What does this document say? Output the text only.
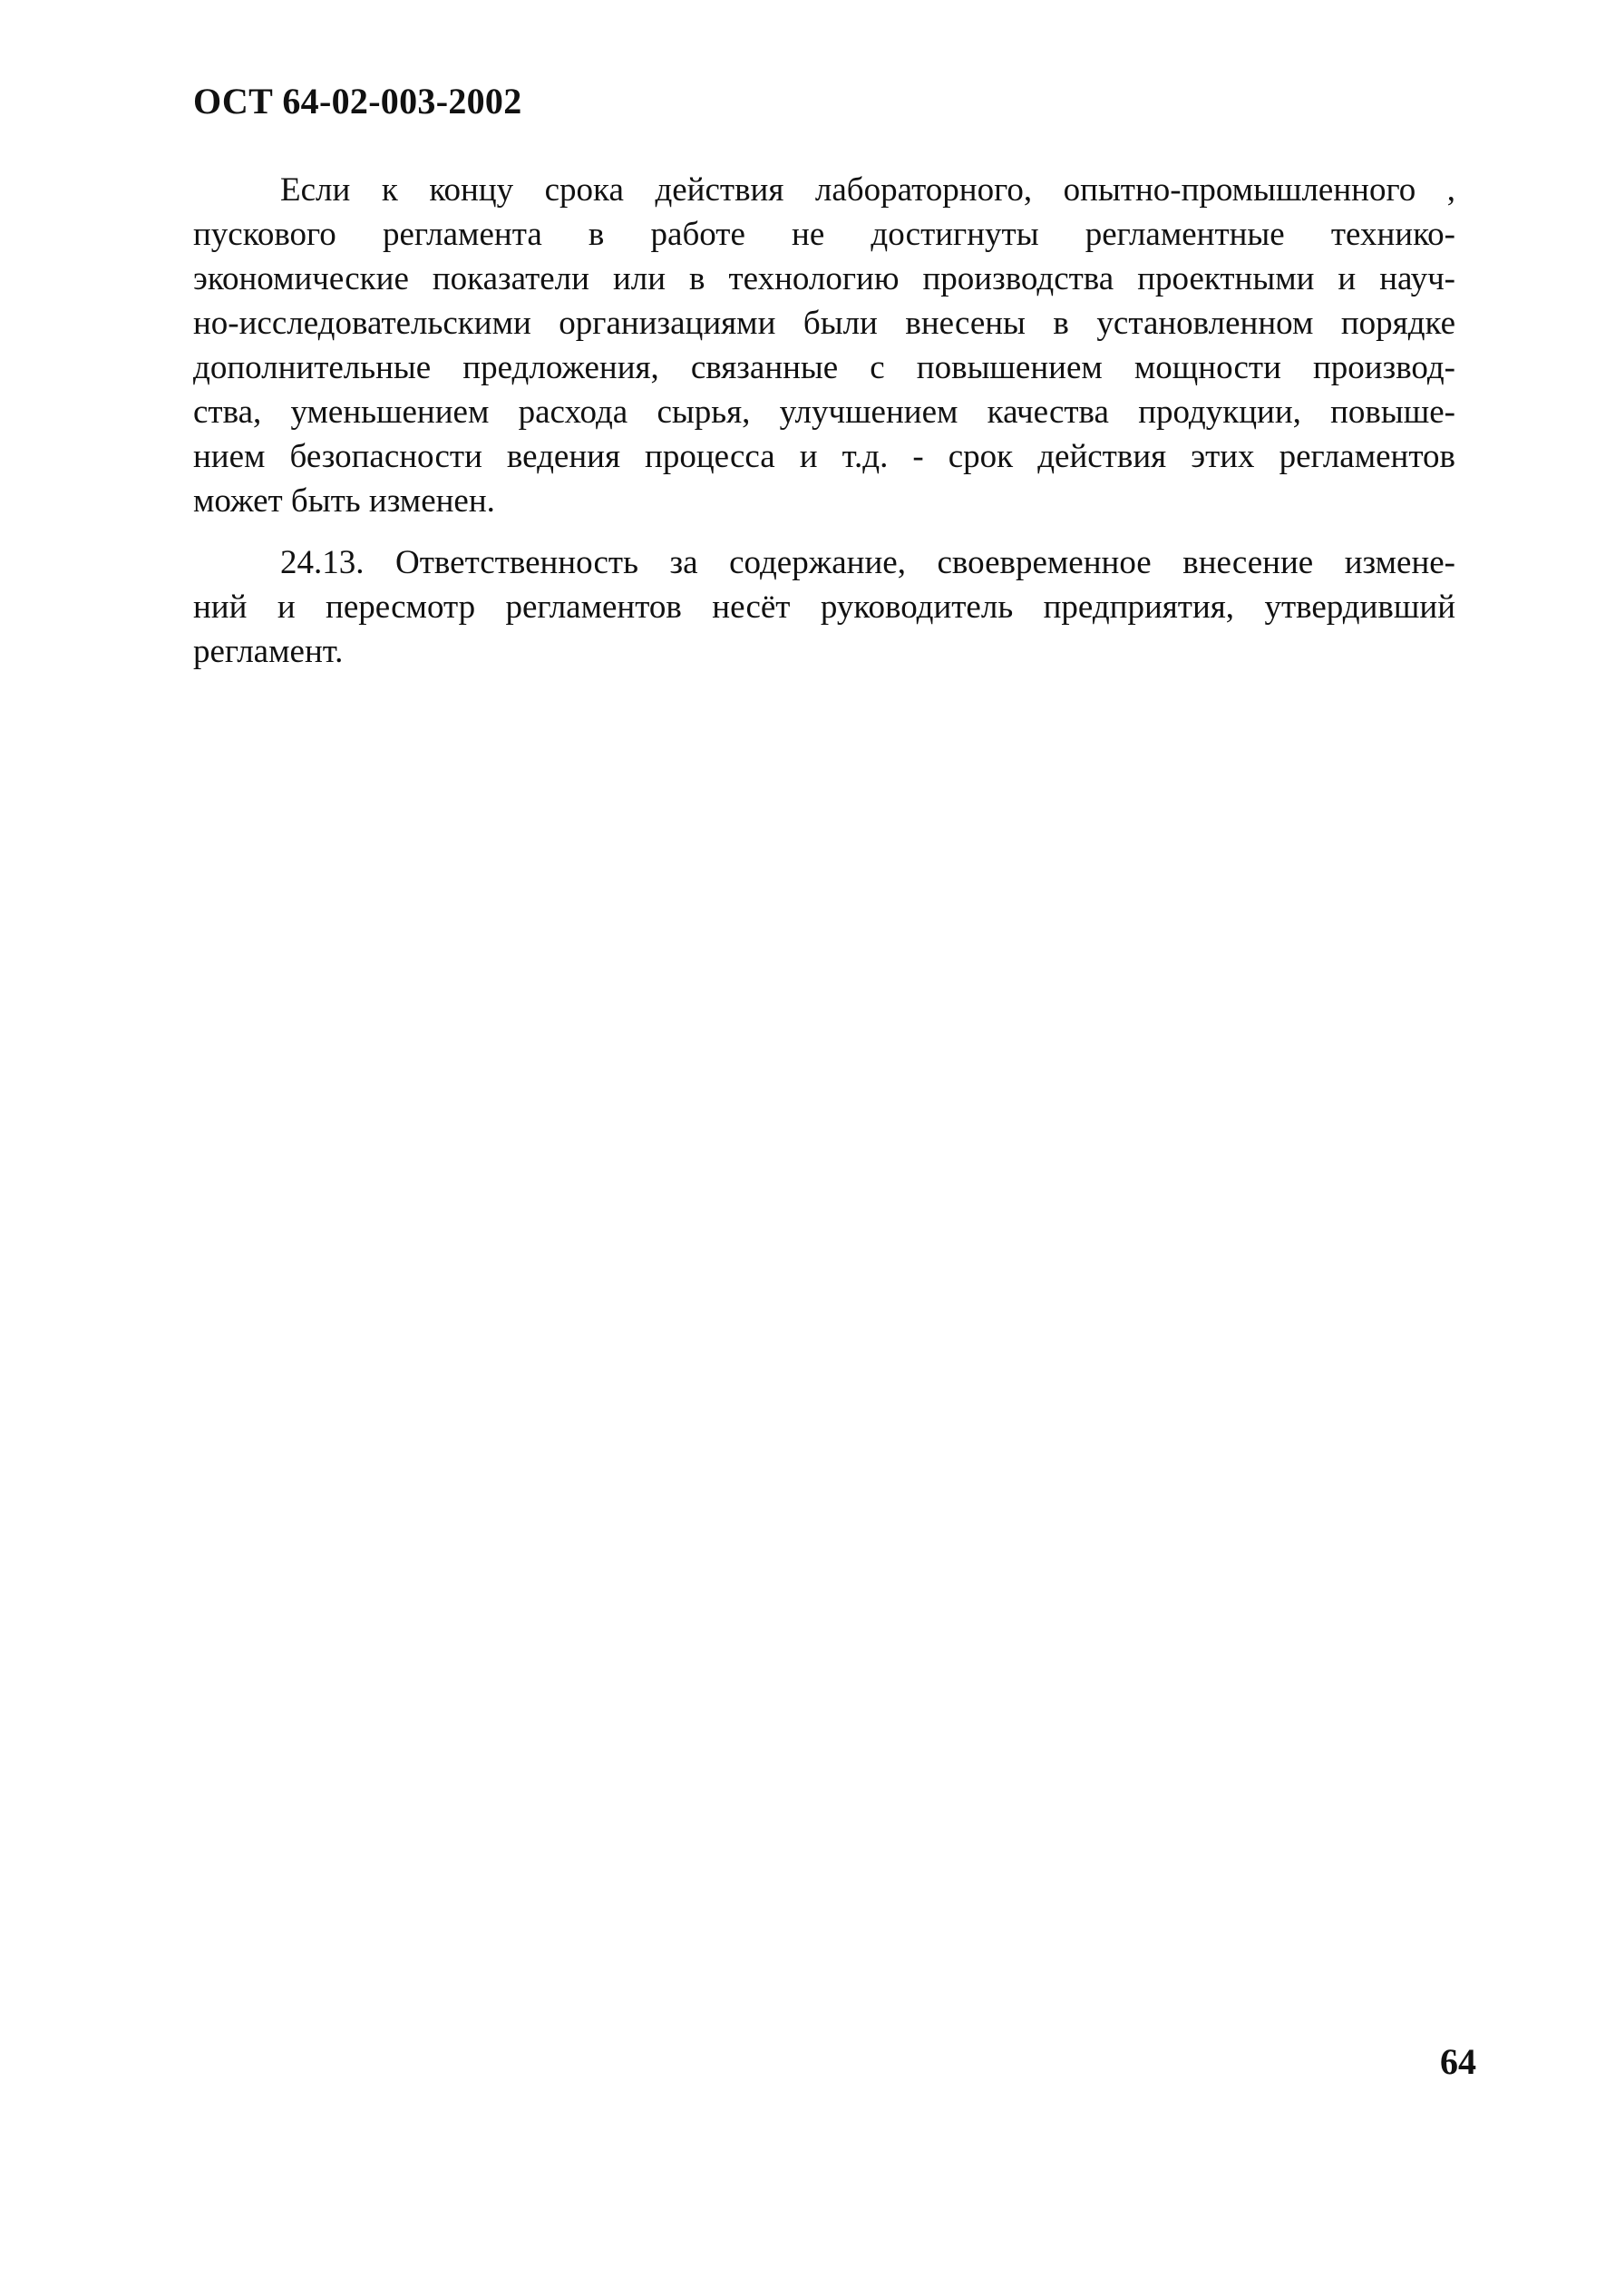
ОСТ 64-02-003-2002
Если к концу срока действия лабораторного, опытно-промышленного ,
пускового регламента в работе не достигнуты регламентные технико-
экономические показатели или в технологию производства проектными и науч-
но-исследовательскими организациями были внесены в установленном порядке
дополнительные предложения, связанные с повышением мощности производ-
ства, уменьшением расхода сырья, улучшением качества продукции, повыше-
нием безопасности ведения процесса и т.д. - срок действия этих регламентов
может быть изменен.
24.13. Ответственность за содержание, своевременное внесение измене-
ний и пересмотр регламентов несёт руководитель предприятия, утвердивший
регламент.
64
